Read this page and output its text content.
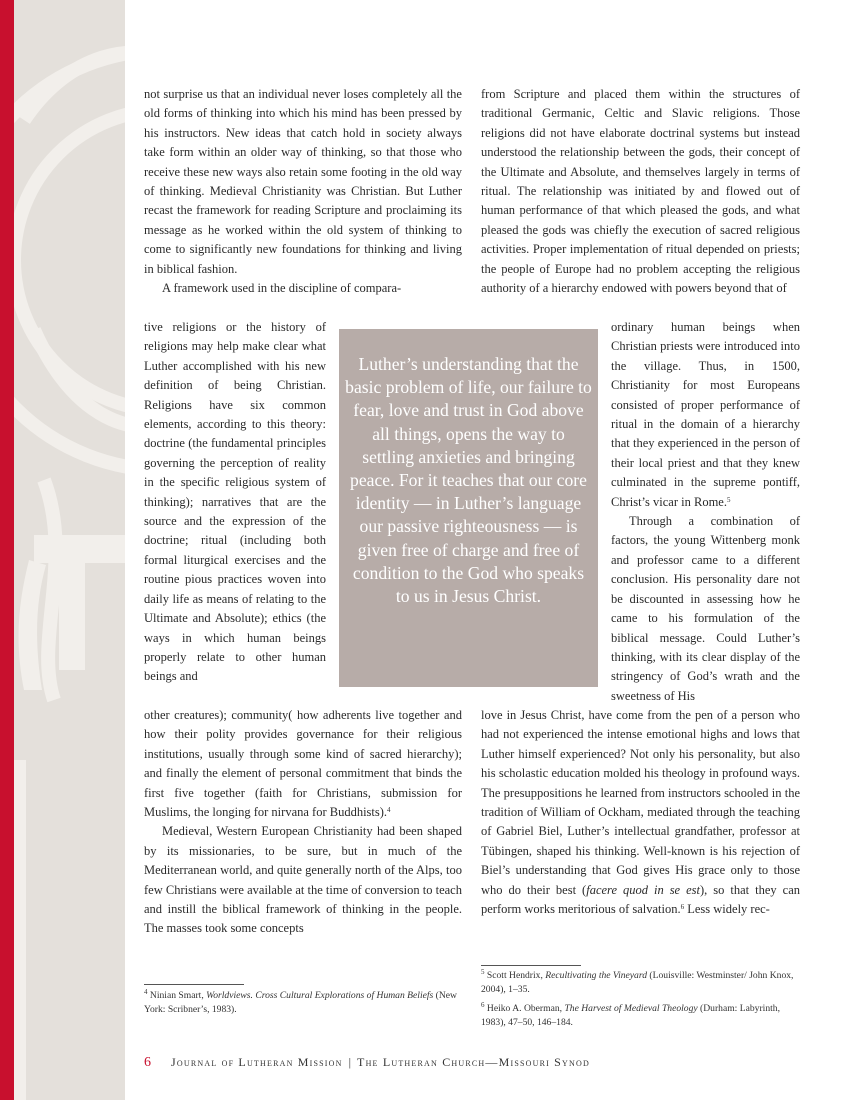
not surprise us that an individual never loses completely all the old forms of thinking into which his mind has been pressed by his instructors. New ideas that catch hold in society always take form within an older way of thinking, so that those who receive these new ways also retain some footing in the old way of thinking. Medieval Christianity was Christian. But Luther recast the framework for reading Scripture and proclaiming its message as he worked within the old system of thinking to come to significantly new foundations for thinking and living in biblical fashion.

A framework used in the discipline of compara-

tive religions or the history of religions may help make clear what Luther accomplished with his new definition of being Christian. Religions have six common elements, according to this theory: doctrine (the fundamental principles governing the perception of reality in the specific religious system of thinking); narratives that are the source and the expression of the doctrine; ritual (including both formal liturgical exercises and the routine pious practices woven into daily life as means of relating to the Ultimate and Absolute); ethics (the ways in which human beings properly relate to other human beings and

other creatures); community( how adherents live together and how their polity provides governance for their religious institutions, usually through some kind of sacred hierarchy); and finally the element of personal commitment that binds the first five together (faith for Christians, submission for Muslims, the longing for nirvana for Buddhists).$^4$

Medieval, Western European Christianity had been shaped by its missionaries, to be sure, but in much of the Mediterranean world, and quite generally north of the Alps, too few Christians were available at the time of conversion to teach and instill the biblical framework of thinking in the people. The masses took some concepts

from Scripture and placed them within the structures of traditional Germanic, Celtic and Slavic religions. Those religions did not have elaborate doctrinal systems but instead understood the relationship between the gods, their concept of the Ultimate and Absolute, and themselves largely in terms of ritual. The relationship was initiated by and flowed out of human performance of that which pleased the gods, and what pleased the gods was chiefly the execution of sacred religious activities. Proper implementation of ritual depended on priests; the people of Europe had no problem accepting the religious authority of a hierarchy endowed with powers beyond that of

ordinary human beings when Christian priests were introduced into the village. Thus, in 1500, Christianity for most Europeans consisted of proper performance of ritual in the domain of a hierarchy that they experienced in the person of their local priest and that they knew culminated in the supreme pontiff, Christ’s vicar in Rome.$^5$

Through a combination of factors, the young Wittenberg monk and professor came to a different conclusion. His personality dare not be discounted in assessing how he came to his formulation of the biblical message. Could Luther’s thinking, with its clear display of the stringency of God’s wrath and the sweetness of His

love in Jesus Christ, have come from the pen of a person who had not experienced the intense emotional highs and lows that Luther himself experienced? Not only his personality, but also his scholastic education molded his theology in profound ways. The presuppositions he learned from instructors schooled in the tradition of William of Ockham, mediated through the teaching of Gabriel Biel, Luther’s intellectual grandfather, professor at Tübingen, shaped his thinking. Well-known is his rejection of Biel’s understanding that God gives His grace only to those who do their best (facere quod in se est), so that they can perform works meritorious of salvation.$^6$ Less widely rec-

Luther’s understanding that the basic problem of life, our failure to fear, love and trust in God above all things, opens the way to settling anxieties and bringing peace. For it teaches that our core identity — in Luther’s language our passive righteousness — is given free of charge and free of condition to the God who speaks to us in Jesus Christ.

$^4$ Ninian Smart, Worldviews. Cross Cultural Explorations of Human Beliefs (New York: Scribner’s, 1983).

$^5$ Scott Hendrix, Recultivating the Vineyard (Louisville: Westminster/ John Knox, 2004), 1–35.

$^6$ Heiko A. Oberman, The Harvest of Medieval Theology (Durham: Labyrinth, 1983), 47–50, 146–184.

6 Journal of Lutheran Mission | The Lutheran Church—Missouri Synod
